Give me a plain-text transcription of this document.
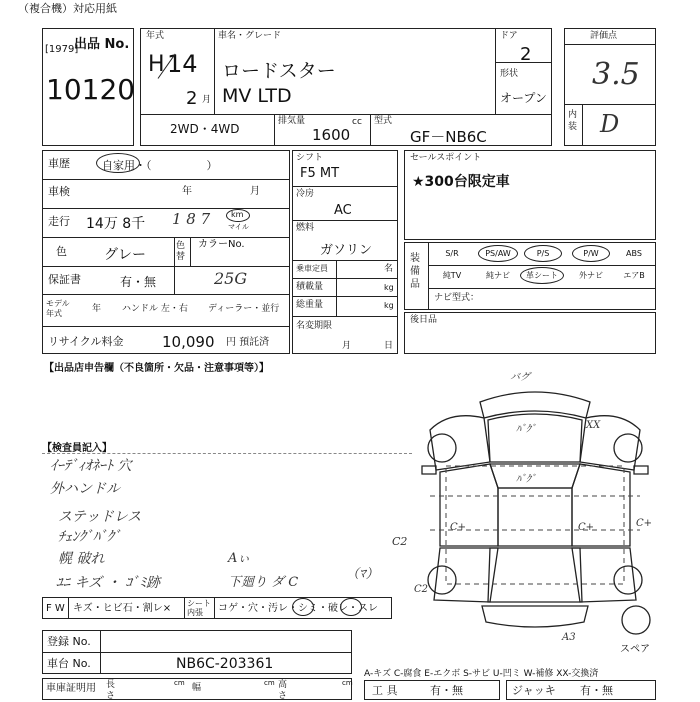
（複合機）対応用紙
出品 No.
[1979]
10120
年式
H 14
2 月
車名・グレード
ロードスター
MV LTD
ドア
2
形状
オープン
2WD・4WD
排気量	cc
1600
型式
GF－NB6C
評価点
3.5
内装 D
車歴	自家用・（　　　　　）
車検	年	月
走行 14万 8千 1 8 7	km
マイル
色	グレー
色替
カラーNo.
保証書	有・無	25G
モデル年式	年 ハンドル 左・右 ディーラー・並行
リサイクル料金	10,090 円 預託済
シフト
F5 MT
冷房
AC
燃料
ガソリン
乗車定員	名
積載量	kg
総重量	kg
名変期限
月	日
セールスポイント
★300台限定車
装備品
S/R	PS/AW	P/S	P/W	ABS
純TV	純ナビ	革シート	外ナビ	エアB
ナビ型式：
後日品
【出品店申告欄（不良箇所・欠品・注意事項等）】
【検査員記入】
ｲｰﾃﾞｨｵﾈｰﾄ 穴
外ハンドル
ステッドレス
ﾁｪﾝｸﾞﾊﾞｸﾞ
幌 破れ
ﾕﾆ キズ ・ ｺﾞﾐ跡
Aぃ
下廻り ダ C
（ﾏ）
C2
F W キズ・ヒビ石・割レ× シート内張	コゲ・穴・汚レ・シミ・破レ・スレ
登録 No.
車台 No.	NB6C-203361
車庫証明用 長さ
cm 幅	cm 高さ
cm
A-キズ C-腐食 E-エクボ S-サビ U-凹ミ W-補修 XX-交換済
工 具	有・無	ジャッキ 有・無
バグ
ﾊﾞｸﾞ
ﾊﾞｸﾞ
XX
C+	C+	C+
C2
A3
スペア
